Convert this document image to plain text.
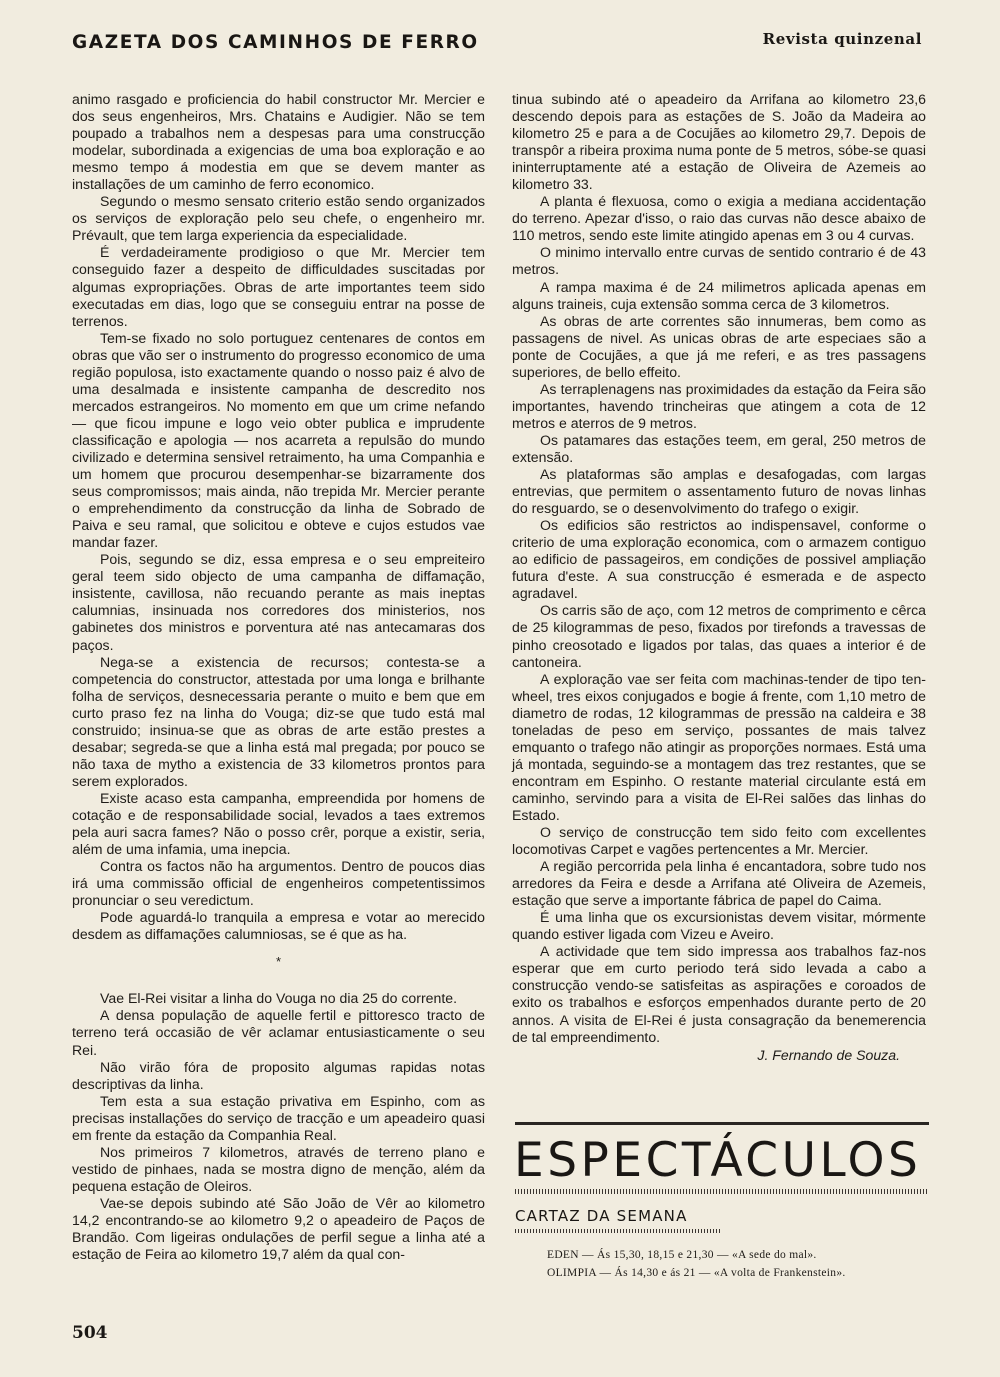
GAZETA DOS CAMINHOS DE FERRO	Revista quinzenal

animo rasgado e proficiencia do habil constructor Mr. Mercier e dos seus engenheiros, Mrs. Chatains e Audigier. Não se tem poupado a trabalhos nem a despesas para uma construcção modelar, subordinada a exigencias de uma boa exploração e ao mesmo tempo á modestia em que se devem manter as installações de um caminho de ferro economico.

Segundo o mesmo sensato criterio estão sendo organizados os serviços de exploração pelo seu chefe, o engenheiro mr. Prévault, que tem larga experiencia da especialidade.

É verdadeiramente prodigioso o que Mr. Mercier tem conseguido fazer a despeito de difficuldades suscitadas por algumas expropriações. Obras de arte importantes teem sido executadas em dias, logo que se conseguiu entrar na posse de terrenos.

Tem-se fixado no solo portuguez centenares de contos em obras que vão ser o instrumento do progresso economico de uma região populosa, isto exactamente quando o nosso paiz é alvo de uma desalmada e insistente campanha de descredito nos mercados estrangeiros. No momento em que um crime nefando — que ficou impune e logo veio obter publica e imprudente classificação e apologia — nos acarreta a repulsão do mundo civilizado e determina sensivel retraimento, ha uma Companhia e um homem que procurou desempenhar-se bizarramente dos seus compromissos; mais ainda, não trepida Mr. Mercier perante o emprehendimento da construcção da linha de Sobrado de Paiva e seu ramal, que solicitou e obteve e cujos estudos vae mandar fazer.

Pois, segundo se diz, essa empresa e o seu empreiteiro geral teem sido objecto de uma campanha de diffamação, insistente, cavillosa, não recuando perante as mais ineptas calumnias, insinuada nos corredores dos ministerios, nos gabinetes dos ministros e porventura até nas antecamaras dos paços.

Nega-se a existencia de recursos; contesta-se a competencia do constructor, attestada por uma longa e brilhante folha de serviços, desnecessaria perante o muito e bem que em curto praso fez na linha do Vouga; diz-se que tudo está mal construido; insinua-se que as obras de arte estão prestes a desabar; segreda-se que a linha está mal pregada; por pouco se não taxa de mytho a existencia de 33 kilometros prontos para serem explorados.

Existe acaso esta campanha, empreendida por homens de cotação e de responsabilidade social, levados a taes extremos pela auri sacra fames? Não o posso crêr, porque a existir, seria, além de uma infamia, uma inepcia.

Contra os factos não ha argumentos. Dentro de poucos dias irá uma commissão official de engenheiros competentissimos pronunciar o seu veredictum.

Pode aguardá-lo tranquila a empresa e votar ao merecido desdem as diffamações calumniosas, se é que as ha.

*

Vae El-Rei visitar a linha do Vouga no dia 25 do corrente.

A densa população de aquelle fertil e pittoresco tracto de terreno terá occasião de vêr aclamar entusiasticamente o seu Rei.

Não virão fóra de proposito algumas rapidas notas descriptivas da linha.

Tem esta a sua estação privativa em Espinho, com as precisas installações do serviço de tracção e um apeadeiro quasi em frente da estação da Companhia Real.

Nos primeiros 7 kilometros, através de terreno plano e vestido de pinhaes, nada se mostra digno de menção, além da pequena estação de Oleiros.

Vae-se depois subindo até São João de Vêr ao kilometro 14,2 encontrando-se ao kilometro 9,2 o apeadeiro de Paços de Brandão. Com ligeiras ondulações de perfil segue a linha até a estação de Feira ao kilometro 19,7 além da qual con-

tinua subindo até o apeadeiro da Arrifana ao kilometro 23,6 descendo depois para as estações de S. João da Madeira ao kilometro 25 e para a de Cocujães ao kilometro 29,7. Depois de transpôr a ribeira proxima numa ponte de 5 metros, sóbe-se quasi ininterruptamente até a estação de Oliveira de Azemeis ao kilometro 33.

A planta é flexuosa, como o exigia a mediana accidentação do terreno. Apezar d'isso, o raio das curvas não desce abaixo de 110 metros, sendo este limite atingido apenas em 3 ou 4 curvas.

O minimo intervallo entre curvas de sentido contrario é de 43 metros.

A rampa maxima é de 24 milimetros aplicada apenas em alguns traineis, cuja extensão somma cerca de 3 kilometros.

As obras de arte correntes são innumeras, bem como as passagens de nivel. As unicas obras de arte especiaes são a ponte de Cocujães, a que já me referi, e as tres passagens superiores, de bello effeito.

As terraplenagens nas proximidades da estação da Feira são importantes, havendo trincheiras que atingem a cota de 12 metros e aterros de 9 metros.

Os patamares das estações teem, em geral, 250 metros de extensão.

As plataformas são amplas e desafogadas, com largas entrevias, que permitem o assentamento futuro de novas linhas do resguardo, se o desenvolvimento do trafego o exigir.

Os edificios são restrictos ao indispensavel, conforme o criterio de uma exploração economica, com o armazem contiguo ao edificio de passageiros, em condições de possivel ampliação futura d'este. A sua construcção é esmerada e de aspecto agradavel.

Os carris são de aço, com 12 metros de comprimento e cêrca de 25 kilogrammas de peso, fixados por tirefonds a travessas de pinho creosotado e ligados por talas, das quaes a interior é de cantoneira.

A exploração vae ser feita com machinas-tender de tipo ten-wheel, tres eixos conjugados e bogie á frente, com 1,10 metro de diametro de rodas, 12 kilogrammas de pressão na caldeira e 38 toneladas de peso em serviço, possantes de mais talvez emquanto o trafego não atingir as proporções normaes. Está uma já montada, seguindo-se a montagem das trez restantes, que se encontram em Espinho. O restante material circulante está em caminho, servindo para a visita de El-Rei salões das linhas do Estado.

O serviço de construcção tem sido feito com excellentes locomotivas Carpet e vagões pertencentes a Mr. Mercier.

A região percorrida pela linha é encantadora, sobre tudo nos arredores da Feira e desde a Arrifana até Oliveira de Azemeis, estação que serve a importante fábrica de papel do Caima.

É uma linha que os excursionistas devem visitar, mórmente quando estiver ligada com Vizeu e Aveiro.

A actividade que tem sido impressa aos trabalhos faz-nos esperar que em curto periodo terá sido levada a cabo a construcção vendo-se satisfeitas as aspirações e coroados de exito os trabalhos e esforços empenhados durante perto de 20 annos. A visita de El-Rei é justa consagração da benemerencia de tal empreendimento.

J. Fernando de Souza.
ESPECTÁCULOS
CARTAZ DA SEMANA
EDEN — Ás 15,30, 18,15 e 21,30 — «A sede do mal».
OLIMPIA — Ás 14,30 e ás 21 — «A volta de Frankenstein».
504
